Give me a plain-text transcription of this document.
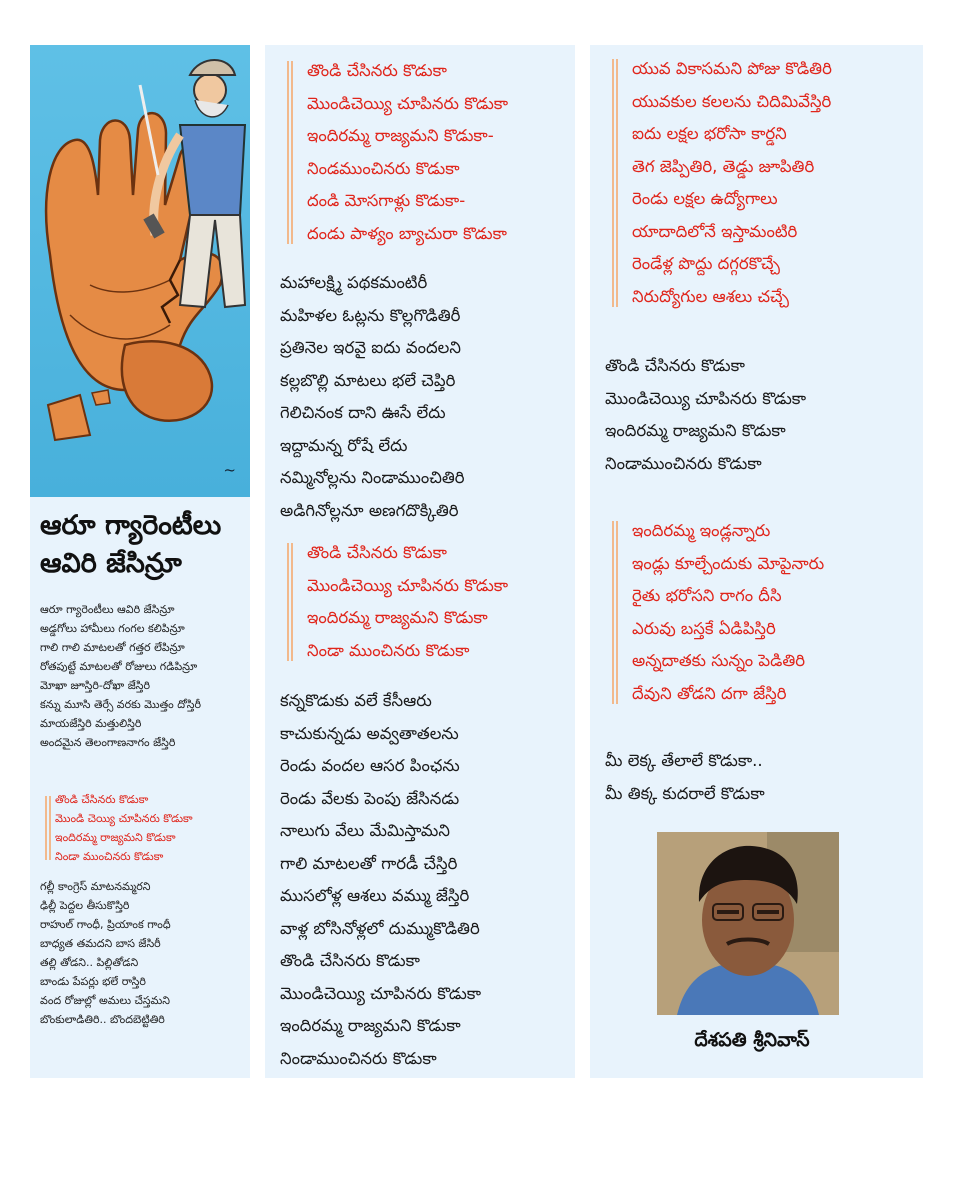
~
ఆరూ గ్యారెంటీలు
ఆవిరి జేసిన్రూ
ఆరూ గ్యారెంటీలు ఆవిరి జేసిన్రూ
అడ్డగోలు హామీలు గంగల కలిపిన్రూ
గాలి గాలి మాటలతో గత్తర లేపిన్రూ
రోతపుట్టే మాటలతో రోజులు గడిపిన్రూ
మోఖా జూస్తిరి-దోఖా జేస్తిరి
కన్ను మూసి తెర్సే వరకు మొత్తం దోస్తిరీ
మాయజేస్తిరి మత్తులిస్తిరి
అందమైన తెలంగాణనాగం జేస్తిరి
తొండి చేసినరు కొడుకా
మొండి చెయ్యి చూపినరు కొడుకా
ఇందిరమ్మ రాజ్యమని కొడుకా
నిండా ముంచినరు కొడుకా
గల్లీ కాంగ్రెస్ మాటనమ్మరని
ఢిల్లీ పెద్దల తీసుకొస్తిరి
రాహుల్ గాంధీ, ప్రియాంక గాంధీ
బాధ్యత తమదని బాస జేసిరీ
తల్లి తోడని.. పిల్లితోడని
బాండు పేపర్లు భలే రాస్తిరి
వంద రోజుల్లో అమలు చేస్తమని
బొంకులాడితిరి.. బొందబెట్టితిరి
తొండి చేసినరు కొడుకా
మొండిచెయ్యి చూపినరు కొడుకా
ఇందిరమ్మ రాజ్యమని కొడుకా-
నిండముంచినరు కొడుకా
దండి మోసగాళ్లు కొడుకా-
దండు పాళ్యం బ్యాచురా కొడుకా
మహాలక్ష్మి పథకమంటిరీ
మహిళల ఓట్లను కొల్లగొడితిరీ
ప్రతినెల ఇరవై ఐదు వందలని
కల్లబొల్లి మాటలు భలే చెప్తిరి
గెలిచినంక దాని ఊసే లేదు
ఇద్దామన్న రోషే లేదు
నమ్మినోల్లను నిండాముంచితిరి
అడిగినోల్లనూ అణగదొక్కితిరి
తొండి చేసినరు కొడుకా
మొండిచెయ్యి చూపినరు కొడుకా
ఇందిరమ్మ రాజ్యమని కొడుకా
నిండా ముంచినరు కొడుకా
కన్నకొడుకు వలే కేసీఆరు
కాచుకున్నడు అవ్వతాతలను
రెండు వందల ఆసర పింఛను
రెండు వేలకు పెంపు జేసినడు
నాలుగు వేలు మేమిస్తామని
గాలి మాటలతో గారడీ చేస్తిరి
ముసలోళ్ల ఆశలు వమ్ము జేస్తిరి
వాళ్ల బోసినోళ్లలో దుమ్ముకొడితిరి
తొండి చేసినరు కొడుకా
మొండిచెయ్యి చూపినరు కొడుకా
ఇందిరమ్మ రాజ్యమని కొడుకా
నిండాముంచినరు కొడుకా
యువ వికాసమని పోజు కొడితిరి
యువకుల కలలను చిదిమివేస్తిరి
ఐదు లక్షల భరోసా కార్డని
తెగ జెప్పితిరి, తెడ్డు జూపితిరి
రెండు లక్షల ఉద్యోగాలు
యాదాదిలోనే ఇస్తామంటిరి
రెండేళ్ల పొద్దు దగ్గరకొచ్చే
నిరుద్యోగుల ఆశలు చచ్చే
తొండి చేసినరు కొడుకా
మొండిచెయ్యి చూపినరు కొడుకా
ఇందిరమ్మ రాజ్యమని కొడుకా
నిండాముంచినరు కొడుకా
ఇందిరమ్మ ఇండ్లన్నారు
ఇండ్లు కూల్చేందుకు మోపైనారు
రైతు భరోసని రాగం దీసి
ఎరువు బస్తకే ఏడిపిస్తిరి
అన్నదాతకు సున్నం పెడితిరి
దేవుని తోడని దగా జేస్తిరి
మీ లెక్క తేలాలే కొడుకా..
మీ తిక్క కుదరాలే కొడుకా
దేశపతి శ్రీనివాస్
